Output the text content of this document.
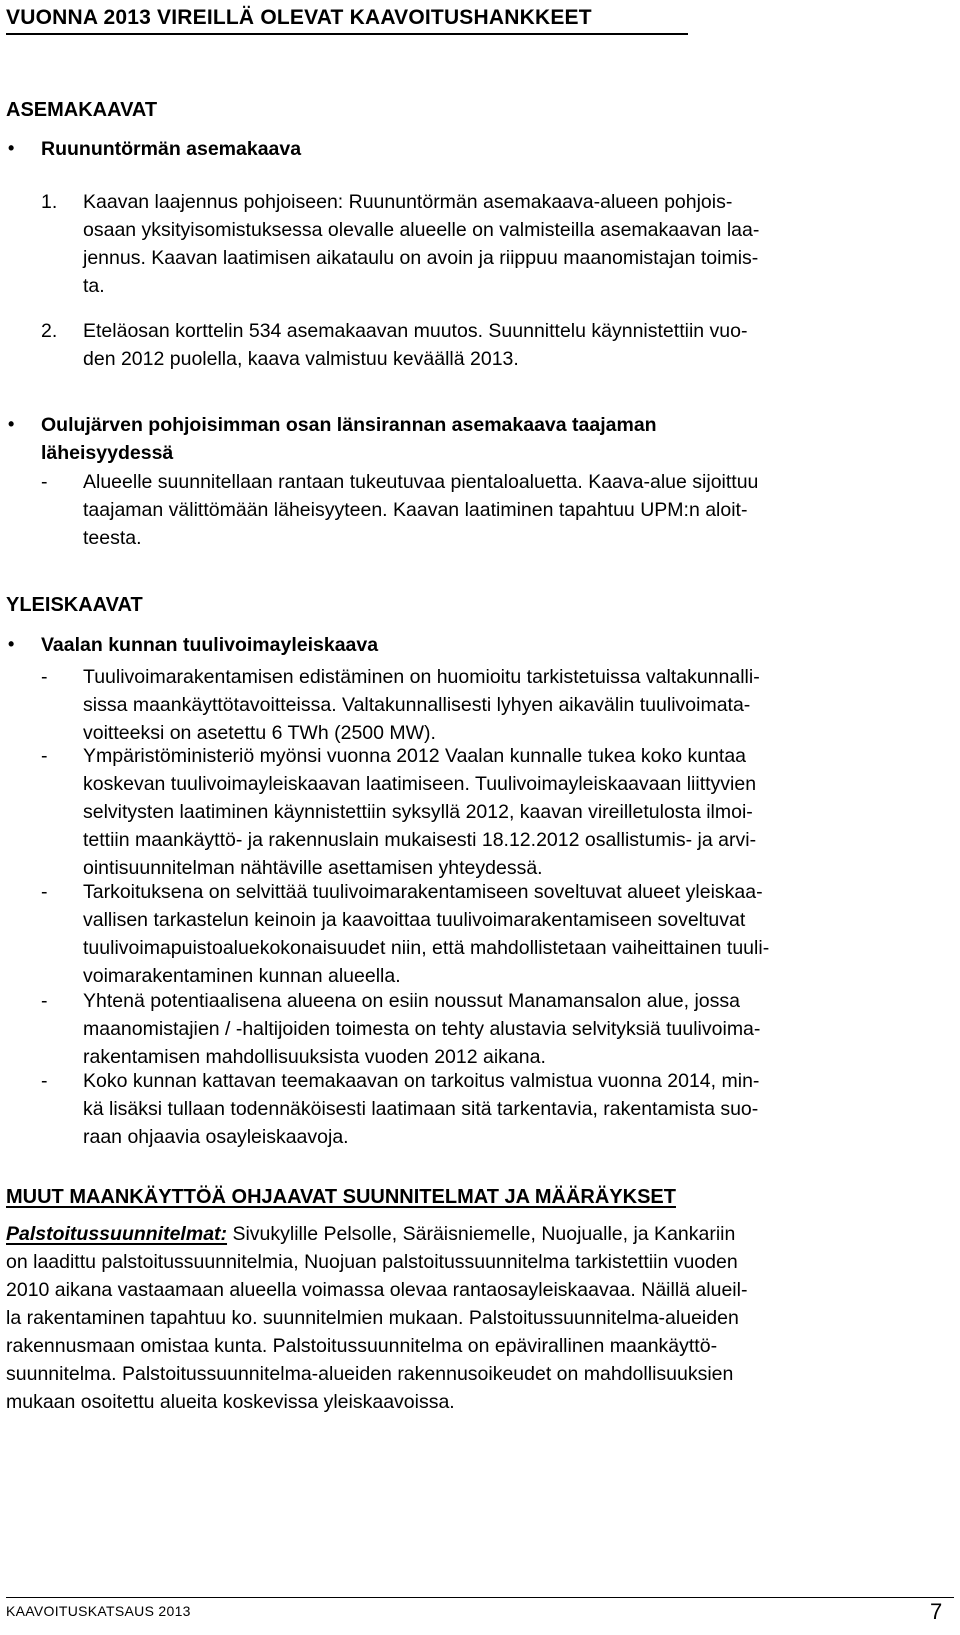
VUONNA 2013 VIREILLÄ OLEVAT KAAVOITUSHANKKEET
ASEMAKAAVAT
• Ruununtörmän asemakaava
1. Kaavan laajennus pohjoiseen: Ruununtörmän asemakaava-alueen pohjois-
osaan yksityisomistuksessa olevalle alueelle on valmisteilla asemakaavan laa-
jennus. Kaavan laatimisen aikataulu on avoin ja riippuu maanomistajan toimis-
ta.
2. Eteläosan korttelin 534 asemakaavan muutos. Suunnittelu käynnistettiin vuo-
den 2012 puolella, kaava valmistuu keväällä 2013.
• Oulujärven pohjoisimman osan länsirannan asemakaava taajaman
läheisyydessä
- Alueelle suunnitellaan rantaan tukeutuvaa pientaloaluetta. Kaava-alue sijoittuu
taajaman välittömään läheisyyteen. Kaavan laatiminen tapahtuu UPM:n aloit-
teesta.
YLEISKAAVAT
• Vaalan kunnan tuulivoimayleiskaava
- Tuulivoimarakentamisen edistäminen on huomioitu tarkistetuissa valtakunnalli-
sissa maankäyttötavoitteissa. Valtakunnallisesti lyhyen aikavälin tuulivoimata-
voitteeksi on asetettu 6 TWh (2500 MW).
- Ympäristöministeriö myönsi vuonna 2012 Vaalan kunnalle tukea koko kuntaa
koskevan tuulivoimayleiskaavan laatimiseen. Tuulivoimayleiskaavaan liittyvien
selvitysten laatiminen käynnistettiin syksyllä 2012, kaavan vireilletulosta ilmoi-
tettiin maankäyttö- ja rakennuslain mukaisesti 18.12.2012 osallistumis- ja arvi-
ointisuunnitelman nähtäville asettamisen yhteydessä.
- Tarkoituksena on selvittää tuulivoimarakentamiseen soveltuvat alueet yleiskaa-
vallisen tarkastelun keinoin ja kaavoittaa tuulivoimarakentamiseen soveltuvat
tuulivoimapuistoaluekokonaisuudet niin, että mahdollistetaan vaiheittainen tuuli-
voimarakentaminen kunnan alueella.
- Yhtenä potentiaalisena alueena on esiin noussut Manamansalon alue, jossa
maanomistajien / -haltijoiden toimesta on tehty alustavia selvityksiä tuulivoima-
rakentamisen mahdollisuuksista vuoden 2012 aikana.
- Koko kunnan kattavan teemakaavan on tarkoitus valmistua vuonna 2014, min-
kä lisäksi tullaan todennäköisesti laatimaan sitä tarkentavia, rakentamista suo-
raan ohjaavia osayleiskaavoja.
MUUT MAANKÄYTTÖÄ OHJAAVAT SUUNNITELMAT JA MÄÄRÄYKSET
Palstoitussuunnitelmat: Sivukylille Pelsolle, Säräisniemelle, Nuojualle, ja Kankariin
on laadittu palstoitussuunnitelmia, Nuojuan palstoitussuunnitelma tarkistettiin vuoden
2010 aikana vastaamaan alueella voimassa olevaa rantaosayleiskaavaa. Näillä alueil-
la rakentaminen tapahtuu ko. suunnitelmien mukaan. Palstoitussuunnitelma-alueiden
rakennusmaan omistaa kunta. Palstoitussuunnitelma on epävirallinen maankäyttö-
suunnitelma. Palstoitussuunnitelma-alueiden rakennusoikeudet on mahdollisuuksien
mukaan osoitettu alueita koskevissa yleiskaavoissa.
KAAVOITUSKATSAUS 2013	7
